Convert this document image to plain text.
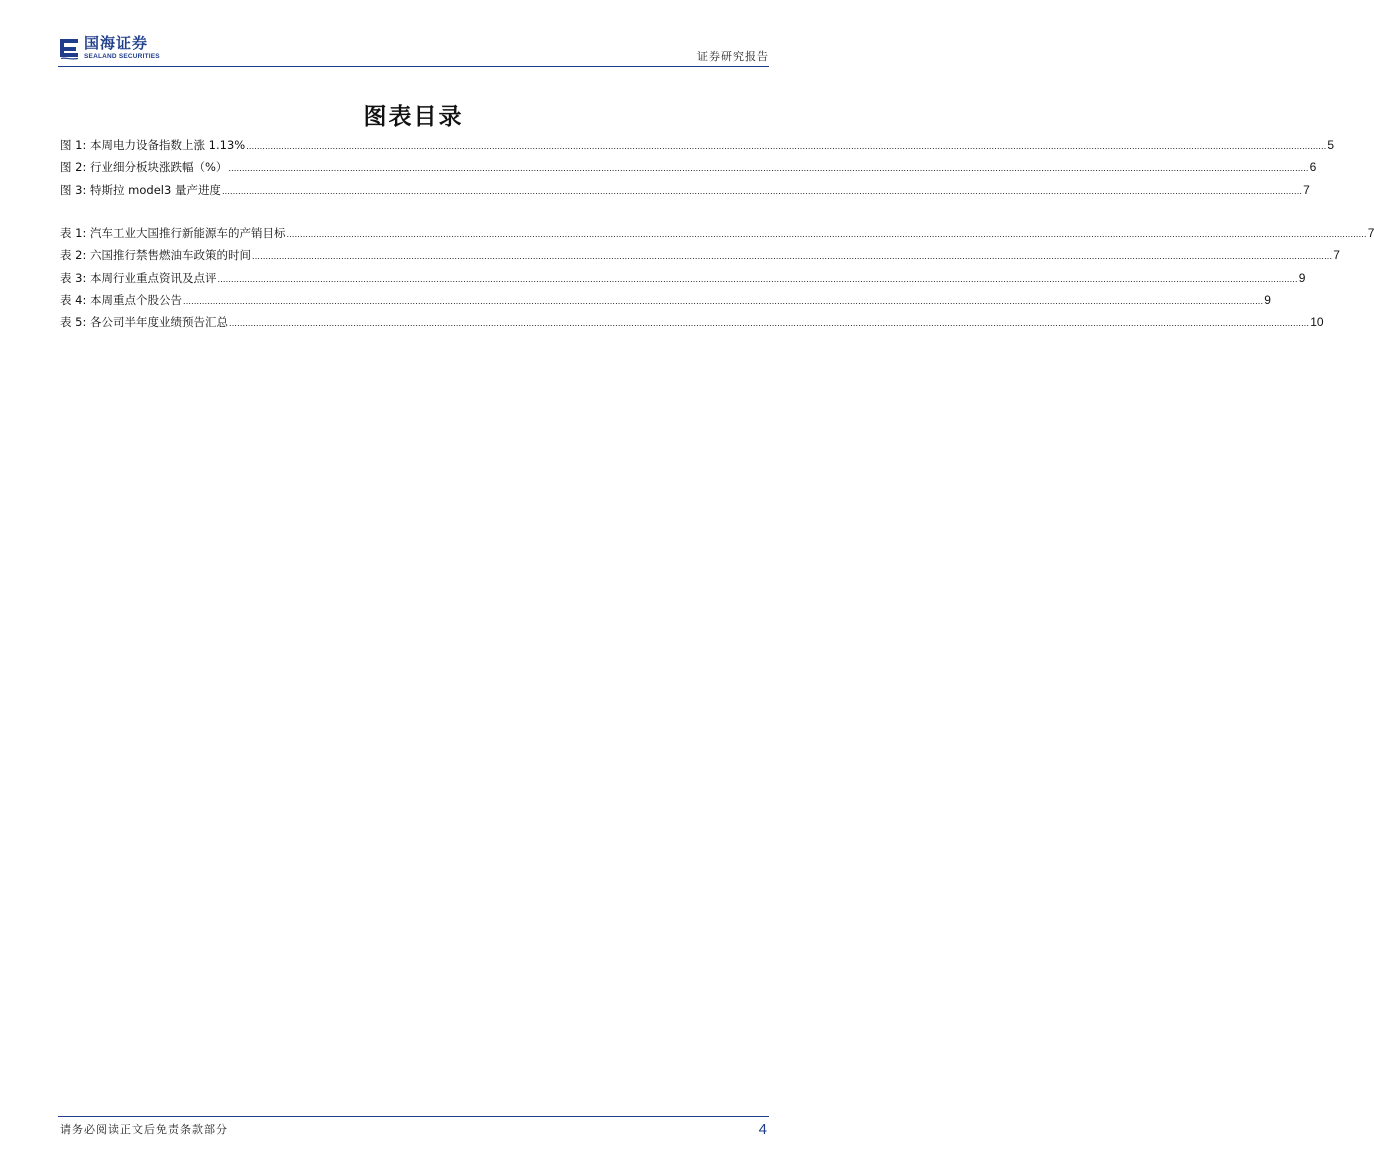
国海证券
SEALAND SECURITIES	证券研究报告
图表目录
图 1: 本周电力设备指数上涨 1.13% ................................................................................................................................................................................................................................................................................................................................................................................................................ 5
图 2: 行业细分板块涨跌幅（%） ................................................................................................................................................................................................................................................................................................................................................................................................................ 6
图 3: 特斯拉 model3 量产进度 ................................................................................................................................................................................................................................................................................................................................................................................................................ 7
表 1: 汽车工业大国推行新能源车的产销目标 ................................................................................................................................................................................................................................................................................................................................................................................................................ 7
表 2: 六国推行禁售燃油车政策的时间 ................................................................................................................................................................................................................................................................................................................................................................................................................ 7
表 3: 本周行业重点资讯及点评 ................................................................................................................................................................................................................................................................................................................................................................................................................ 9
表 4: 本周重点个股公告 ................................................................................................................................................................................................................................................................................................................................................................................................................ 9
表 5: 各公司半年度业绩预告汇总 ................................................................................................................................................................................................................................................................................................................................................................................................................ 10
请务必阅读正文后免责条款部分	4
